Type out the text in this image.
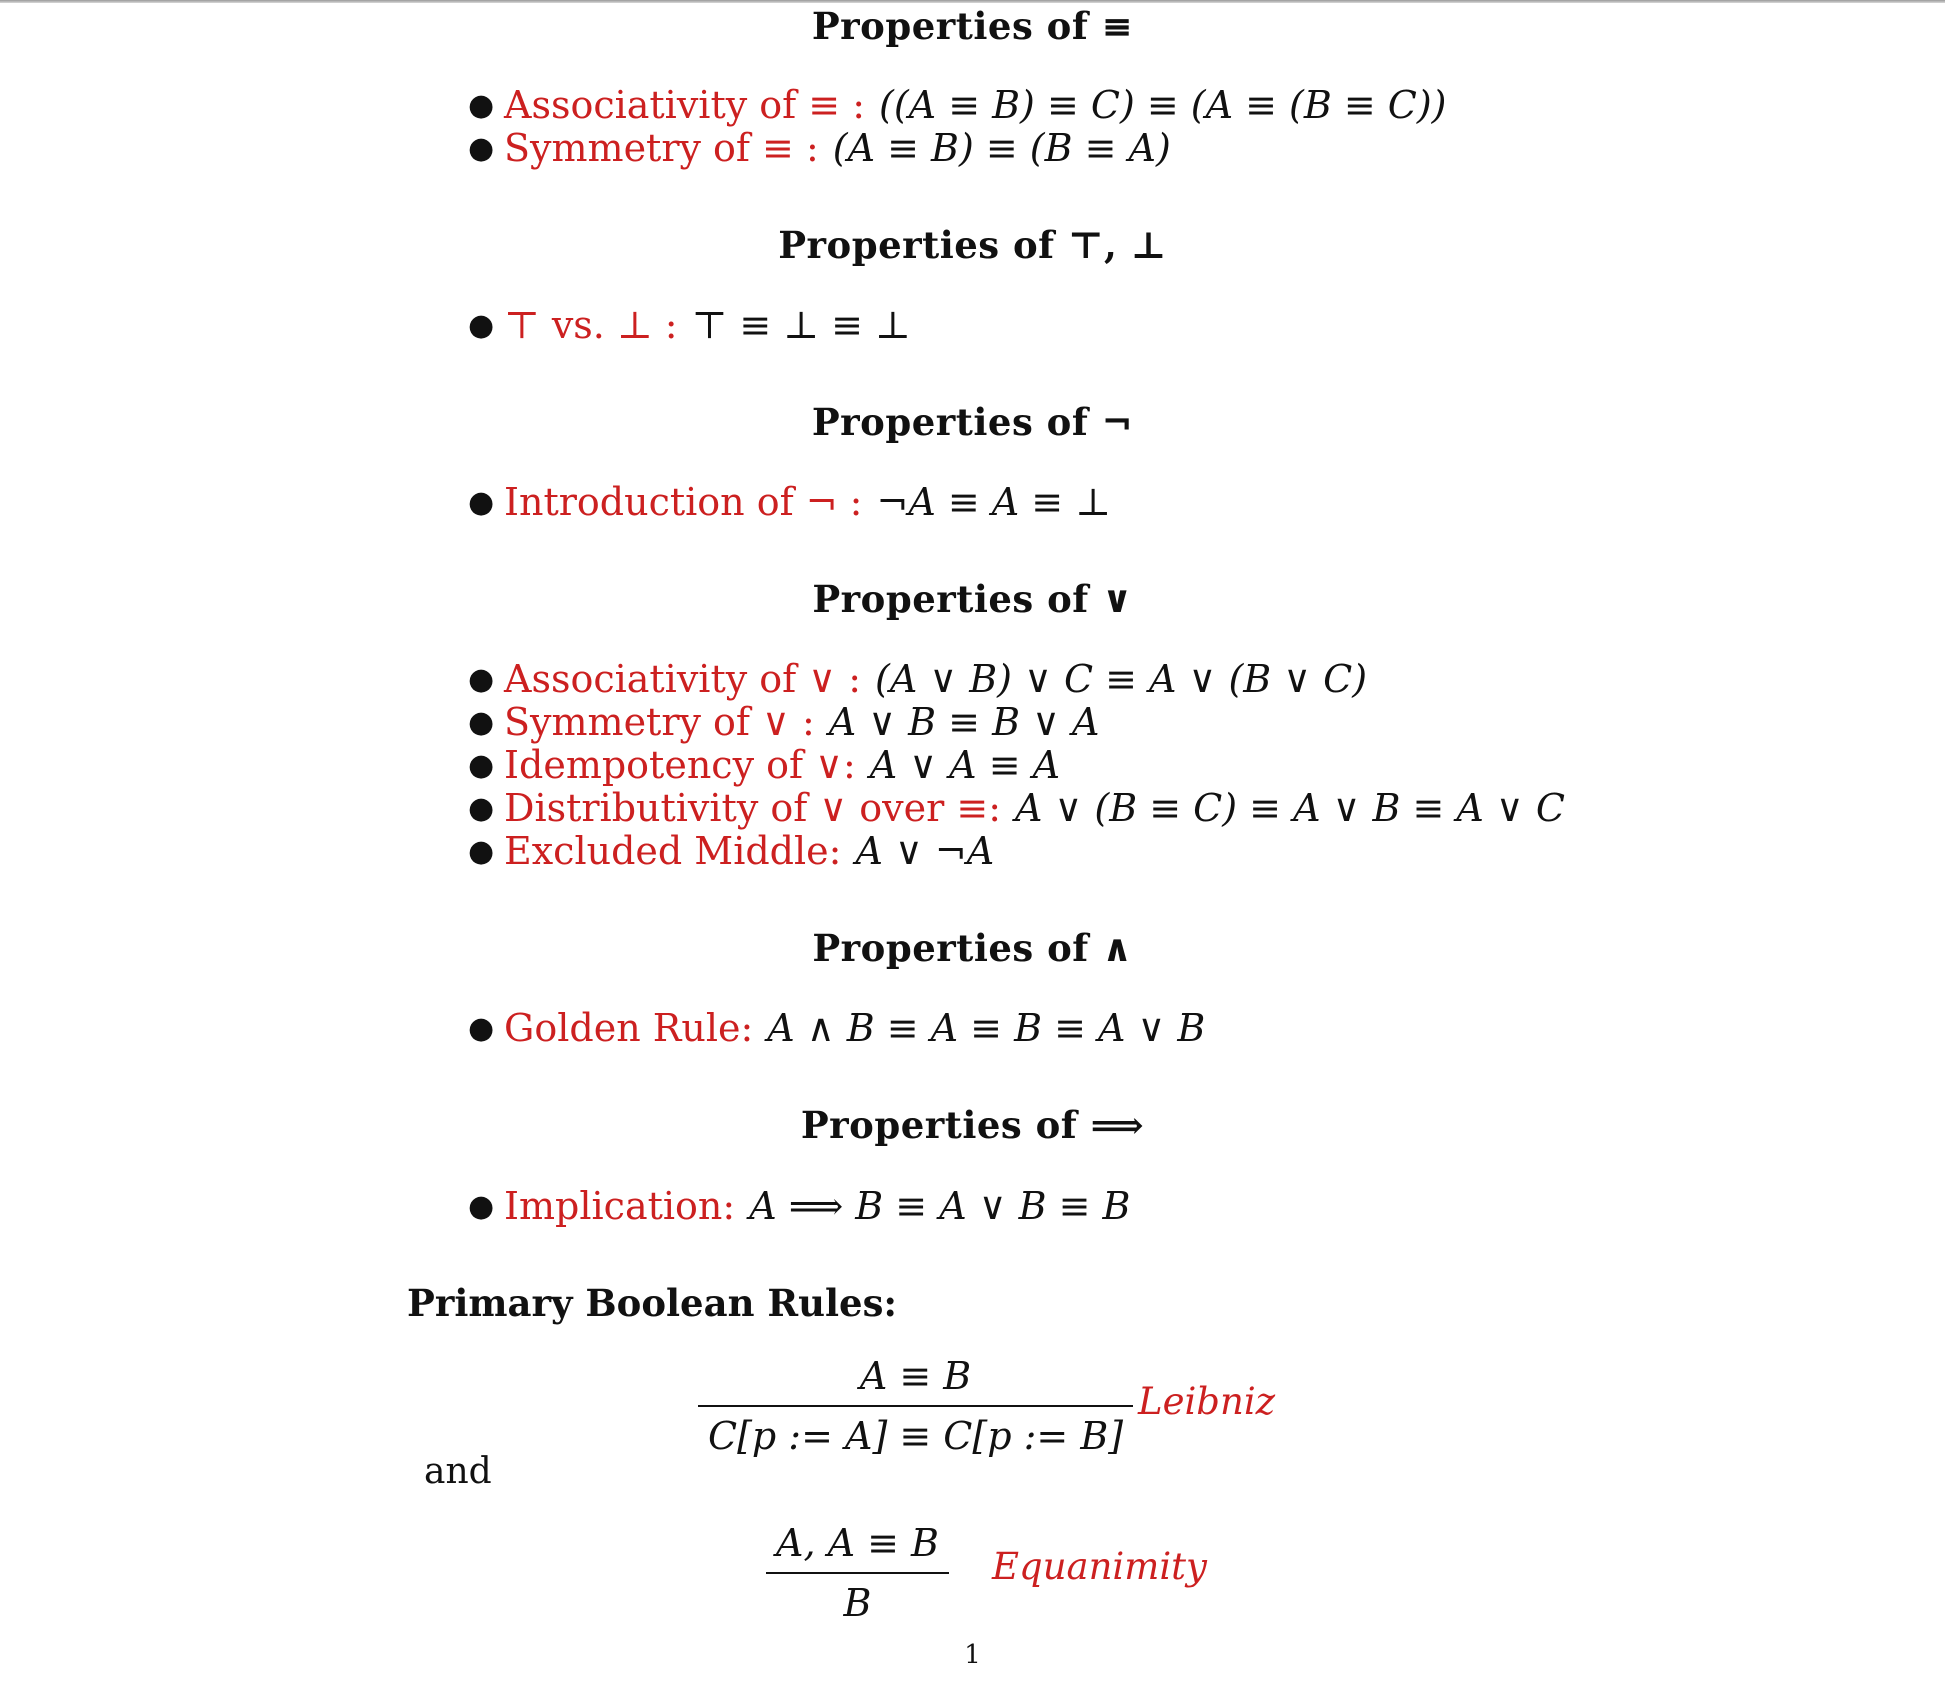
Properties of ≡
● Associativity of ≡ : ((A ≡ B) ≡ C) ≡ (A ≡ (B ≡ C))
● Symmetry of ≡ : (A ≡ B) ≡ (B ≡ A)
Properties of ⊤, ⊥
● ⊤ vs. ⊥ : ⊤ ≡ ⊥ ≡ ⊥
Properties of ¬
● Introduction of ¬ : ¬A ≡ A ≡ ⊥
Properties of ∨
● Associativity of ∨ : (A ∨ B) ∨ C ≡ A ∨ (B ∨ C)
● Symmetry of ∨ : A ∨ B ≡ B ∨ A
● Idempotency of ∨: A ∨ A ≡ A
● Distributivity of ∨ over ≡: A ∨ (B ≡ C) ≡ A ∨ B ≡ A ∨ C
● Excluded Middle: A ∨ ¬A
Properties of ∧
● Golden Rule: A ∧ B ≡ A ≡ B ≡ A ∨ B
Properties of ⟹
● Implication: A ⟹ B ≡ A ∨ B ≡ B
Primary Boolean Rules:
A ≡ B
C[p := A] ≡ C[p := B]
Leibniz
and
A, A ≡ B
B
Equanimity
1
